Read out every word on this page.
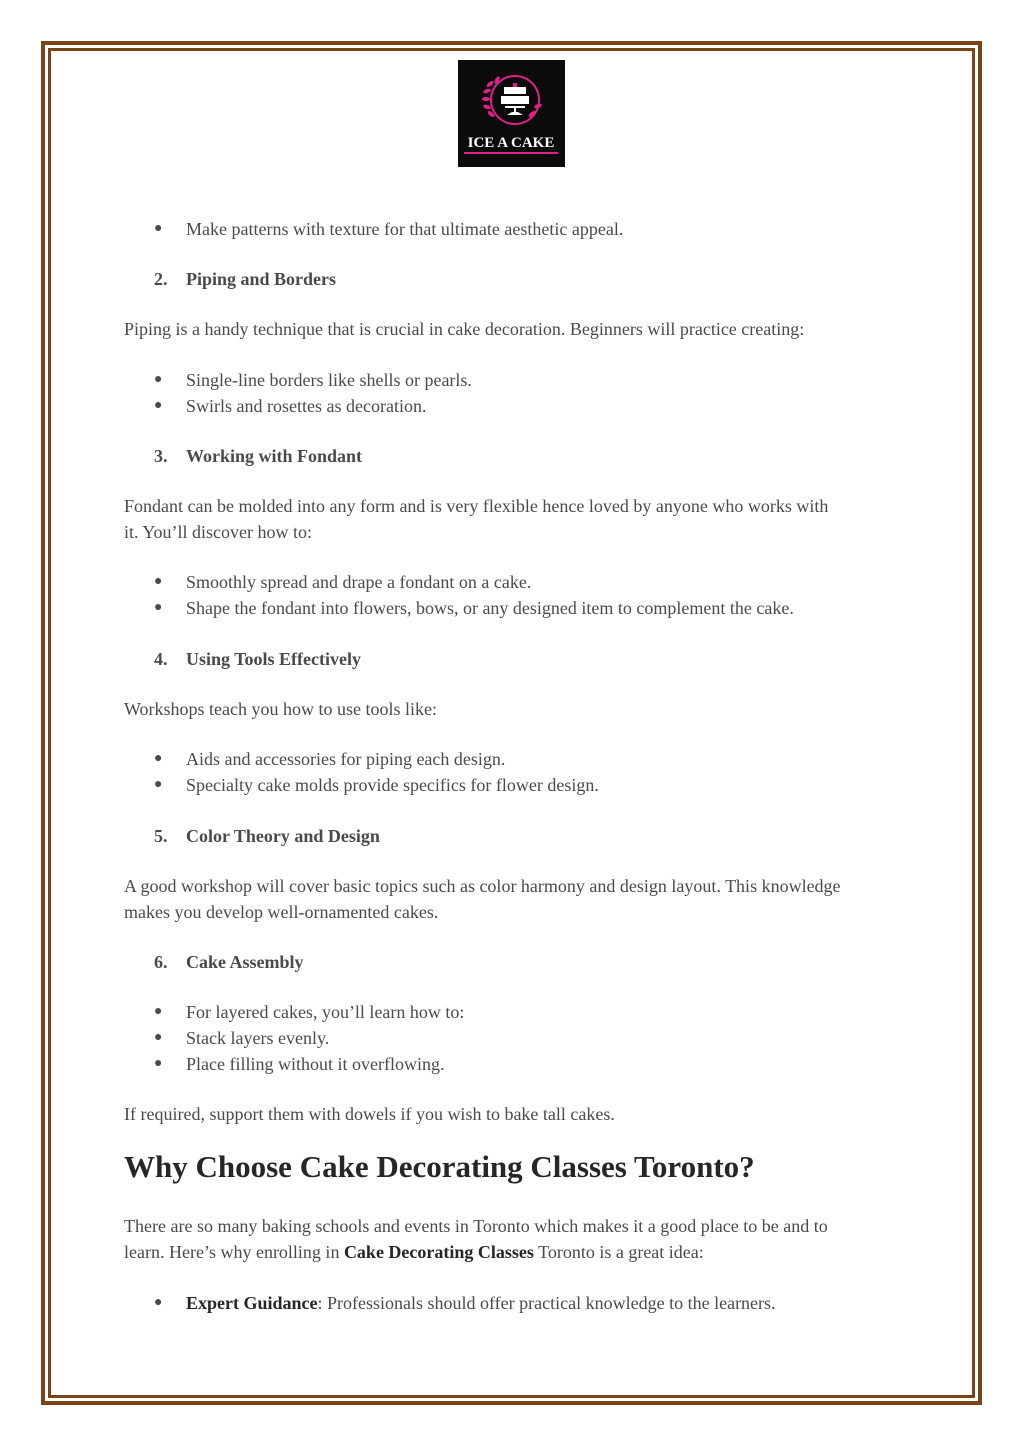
ICE A CAKE
● Make patterns with texture for that ultimate aesthetic appeal.
2. Piping and Borders
Piping is a handy technique that is crucial in cake decoration. Beginners will practice creating:
● Single-line borders like shells or pearls.
● Swirls and rosettes as decoration.
3. Working with Fondant
Fondant can be molded into any form and is very flexible hence loved by anyone who works with
it. You’ll discover how to:
● Smoothly spread and drape a fondant on a cake.
● Shape the fondant into flowers, bows, or any designed item to complement the cake.
4. Using Tools Effectively
Workshops teach you how to use tools like:
● Aids and accessories for piping each design.
● Specialty cake molds provide specifics for flower design.
5. Color Theory and Design
A good workshop will cover basic topics such as color harmony and design layout. This knowledge
makes you develop well-ornamented cakes.
6. Cake Assembly
● For layered cakes, you’ll learn how to:
● Stack layers evenly.
● Place filling without it overflowing.
If required, support them with dowels if you wish to bake tall cakes.
Why Choose Cake Decorating Classes Toronto?
There are so many baking schools and events in Toronto which makes it a good place to be and to
learn. Here’s why enrolling in Cake Decorating Classes Toronto is a great idea:
● Expert Guidance: Professionals should offer practical knowledge to the learners.
